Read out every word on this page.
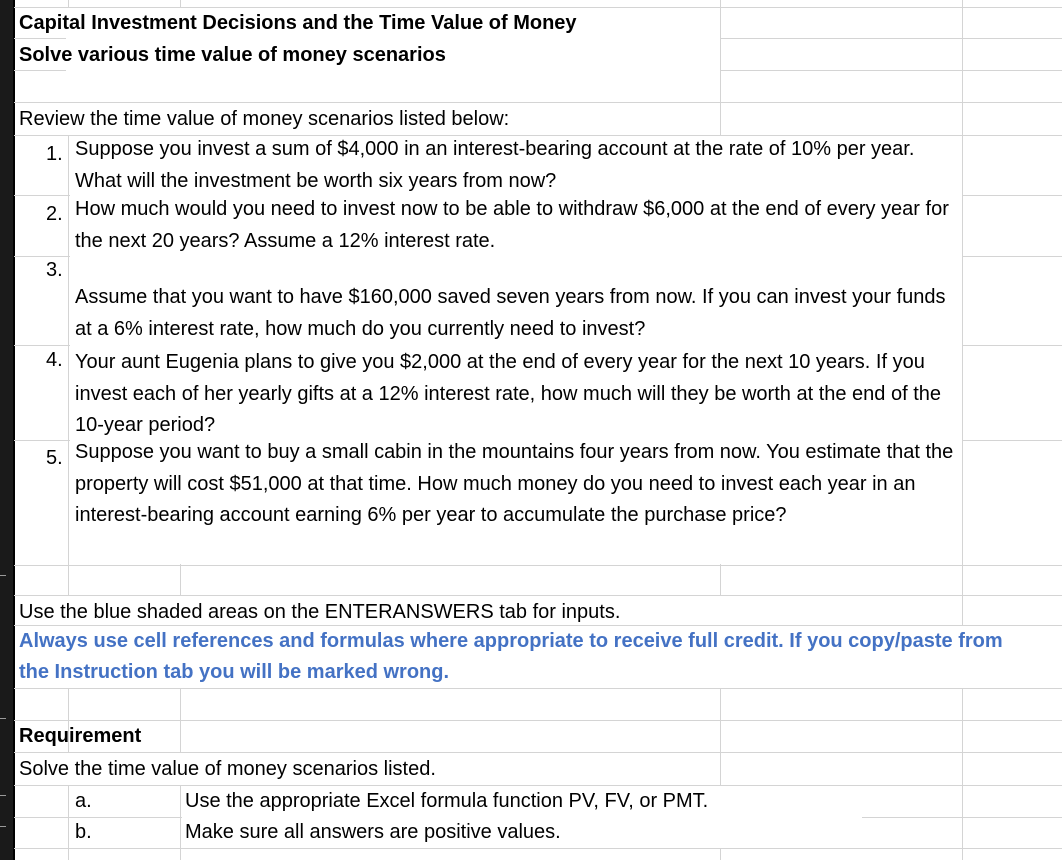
Capital Investment Decisions and the Time Value of Money
Solve various time value of money scenarios
Review the time value of money scenarios listed below:
1. Suppose you invest a sum of $4,000 in an interest-bearing account at the rate of 10% per year. What will the investment be worth six years from now?
2. How much would you need to invest now to be able to withdraw $6,000 at the end of every year for the next 20 years? Assume a 12% interest rate.
3.
Assume that you want to have $160,000 saved seven years from now. If you can invest your funds at a 6% interest rate, how much do you currently need to invest?
4. Your aunt Eugenia plans to give you $2,000 at the end of every year for the next 10 years. If you invest each of her yearly gifts at a 12% interest rate, how much will they be worth at the end of the 10-year period?
5. Suppose you want to buy a small cabin in the mountains four years from now. You estimate that the property will cost $51,000 at that time. How much money do you need to invest each year in an interest-bearing account earning 6% per year to accumulate the purchase price?
Use the blue shaded areas on the ENTERANSWERS tab for inputs.
Always use cell references and formulas where appropriate to receive full credit. If you copy/paste from
the Instruction tab you will be marked wrong.
Requirement
Solve the time value of money scenarios listed.
a.	Use the appropriate Excel formula function PV, FV, or PMT.
b.	Make sure all answers are positive values.
